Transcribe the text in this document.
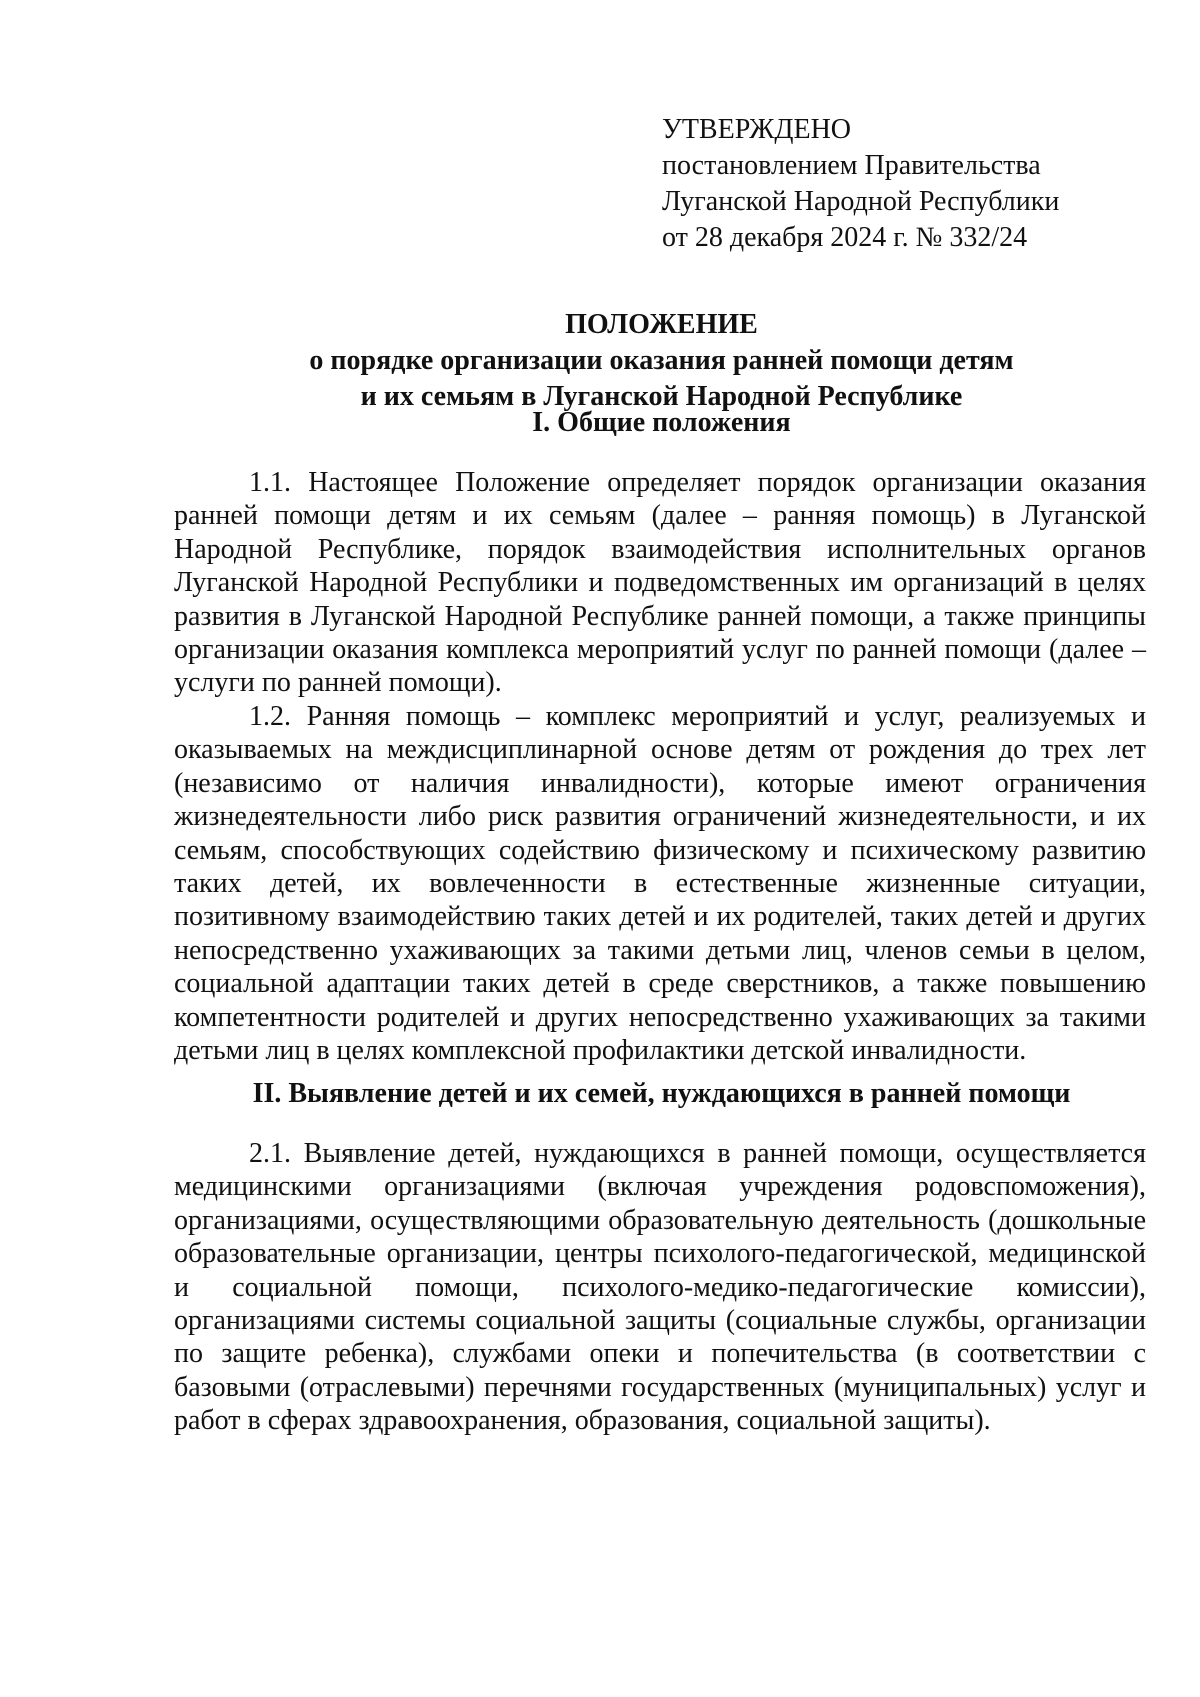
УТВЕРЖДЕНО
постановлением Правительства
Луганской Народной Республики
от 28 декабря 2024 г. № 332/24
ПОЛОЖЕНИЕ
о порядке организации оказания ранней помощи детям
и их семьям в Луганской Народной Республике
I. Общие положения

1.1. Настоящее Положение определяет порядок организации оказания ранней помощи детям и их семьям (далее – ранняя помощь) в Луганской Народной Республике, порядок взаимодействия исполнительных органов Луганской Народной Республики и подведомственных им организаций в целях развития в Луганской Народной Республике ранней помощи, а также принципы организации оказания комплекса мероприятий услуг по ранней помощи (далее – услуги по ранней помощи).

1.2. Ранняя помощь – комплекс мероприятий и услуг, реализуемых и оказываемых на междисциплинарной основе детям от рождения до трех лет (независимо от наличия инвалидности), которые имеют ограничения жизнедеятельности либо риск развития ограничений жизнедеятельности, и их семьям, способствующих содействию физическому и психическому развитию таких детей, их вовлеченности в естественные жизненные ситуации, позитивному взаимодействию таких детей и их родителей, таких детей и других непосредственно ухаживающих за такими детьми лиц, членов семьи в целом, социальной адаптации таких детей в среде сверстников, а также повышению компетентности родителей и других непосредственно ухаживающих за такими детьми лиц в целях комплексной профилактики детской инвалидности.

II. Выявление детей и их семей, нуждающихся в ранней помощи

2.1. Выявление детей, нуждающихся в ранней помощи, осуществляется медицинскими организациями (включая учреждения родовспоможения), организациями, осуществляющими образовательную деятельность (дошкольные образовательные организации, центры психолого-педагогической, медицинской и социальной помощи, психолого-медико-педагогические комиссии), организациями системы социальной защиты (социальные службы, организации по защите ребенка), службами опеки и попечительства (в соответствии с базовыми (отраслевыми) перечнями государственных (муниципальных) услуг и работ в сферах здравоохранения, образования, социальной защиты).
